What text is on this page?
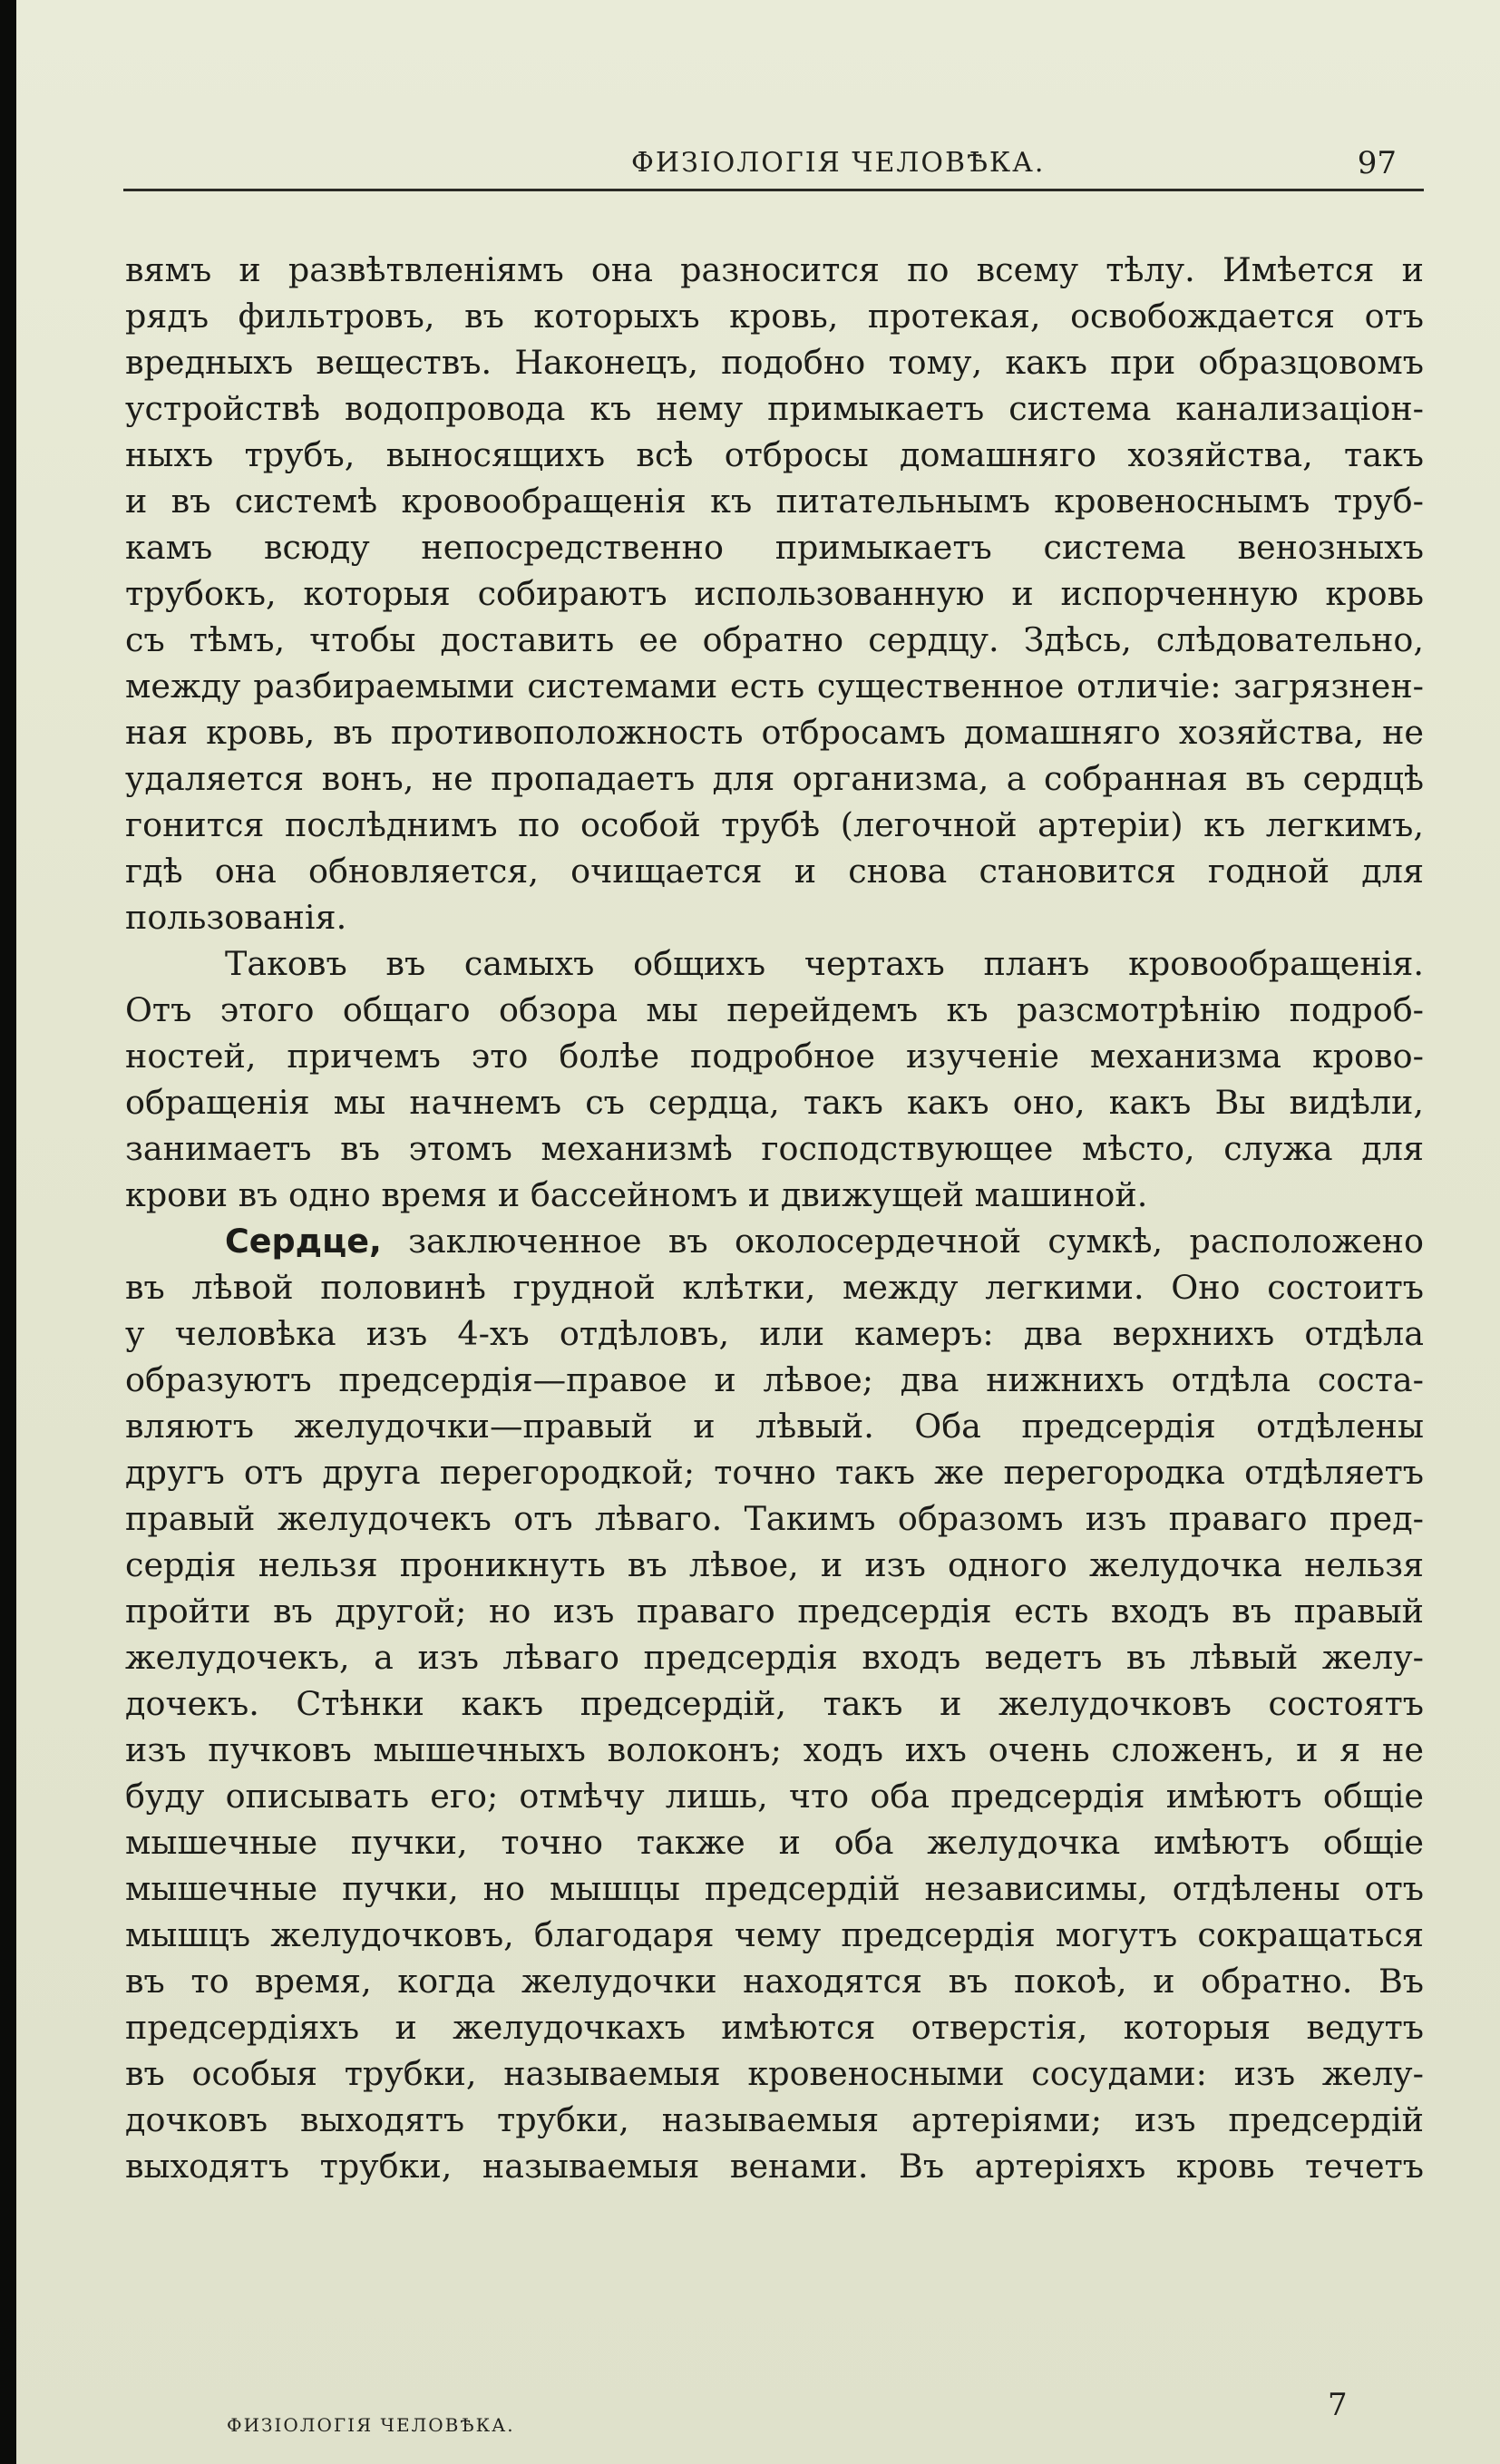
ФИЗІОЛОГІЯ ЧЕЛОВѢКА.	97
вямъ и развѣтвленіямъ она разносится по всему тѣлу. Имѣется и
рядъ фильтровъ, въ которыхъ кровь, протекая, освобождается отъ
вредныхъ веществъ. Наконецъ, подобно тому, какъ при образцовомъ
устройствѣ водопровода къ нему примыкаетъ система канализаціон-
ныхъ трубъ, выносящихъ всѣ отбросы домашняго хозяйства, такъ
и въ системѣ кровообращенія къ питательнымъ кровеноснымъ труб-
камъ всюду непосредственно примыкаетъ система венозныхъ
трубокъ, которыя собираютъ использованную и испорченную кровь
съ тѣмъ, чтобы доставить ее обратно сердцу. Здѣсь, слѣдовательно,
между разбираемыми системами есть существенное отличіе: загрязнен-
ная кровь, въ противоположность отбросамъ домашняго хозяйства, не
удаляется вонъ, не пропадаетъ для организма, а собранная въ сердцѣ
гонится послѣднимъ по особой трубѣ (легочной артеріи) къ легкимъ,
гдѣ она обновляется, очищается и снова становится годной для
пользованія.
Таковъ въ самыхъ общихъ чертахъ планъ кровообращенія.
Отъ этого общаго обзора мы перейдемъ къ разсмотрѣнію подроб-
ностей, причемъ это болѣе подробное изученіе механизма крово-
обращенія мы начнемъ съ сердца, такъ какъ оно, какъ Вы видѣли,
занимаетъ въ этомъ механизмѣ господствующее мѣсто, служа для
крови въ одно время и бассейномъ и движущей машиной.
Сердце, заключенное въ околосердечной сумкѣ, расположено
въ лѣвой половинѣ грудной клѣтки, между легкими. Оно состоитъ
у человѣка изъ 4-хъ отдѣловъ, или камеръ: два верхнихъ отдѣла
образуютъ предсердія—правое и лѣвое; два нижнихъ отдѣла соста-
вляютъ желудочки—правый и лѣвый. Оба предсердія отдѣлены
другъ отъ друга перегородкой; точно такъ же перегородка отдѣляетъ
правый желудочекъ отъ лѣваго. Такимъ образомъ изъ праваго пред-
сердія нельзя проникнуть въ лѣвое, и изъ одного желудочка нельзя
пройти въ другой; но изъ праваго предсердія есть входъ въ правый
желудочекъ, а изъ лѣваго предсердія входъ ведетъ въ лѣвый желу-
дочекъ. Стѣнки какъ предсердій, такъ и желудочковъ состоятъ
изъ пучковъ мышечныхъ волоконъ; ходъ ихъ очень сложенъ, и я не
буду описывать его; отмѣчу лишь, что оба предсердія имѣютъ общіе
мышечные пучки, точно также и оба желудочка имѣютъ общіе
мышечные пучки, но мышцы предсердій независимы, отдѣлены отъ
мышцъ желудочковъ, благодаря чему предсердія могутъ сокращаться
въ то время, когда желудочки находятся въ покоѣ, и обратно. Въ
предсердіяхъ и желудочкахъ имѣются отверстія, которыя ведутъ
въ особыя трубки, называемыя кровеносными сосудами: изъ желу-
дочковъ выходятъ трубки, называемыя артеріями; изъ предсердій
выходятъ трубки, называемыя венами. Въ артеріяхъ кровь течетъ
ФИЗІОЛОГІЯ ЧЕЛОВѢКА.
7
